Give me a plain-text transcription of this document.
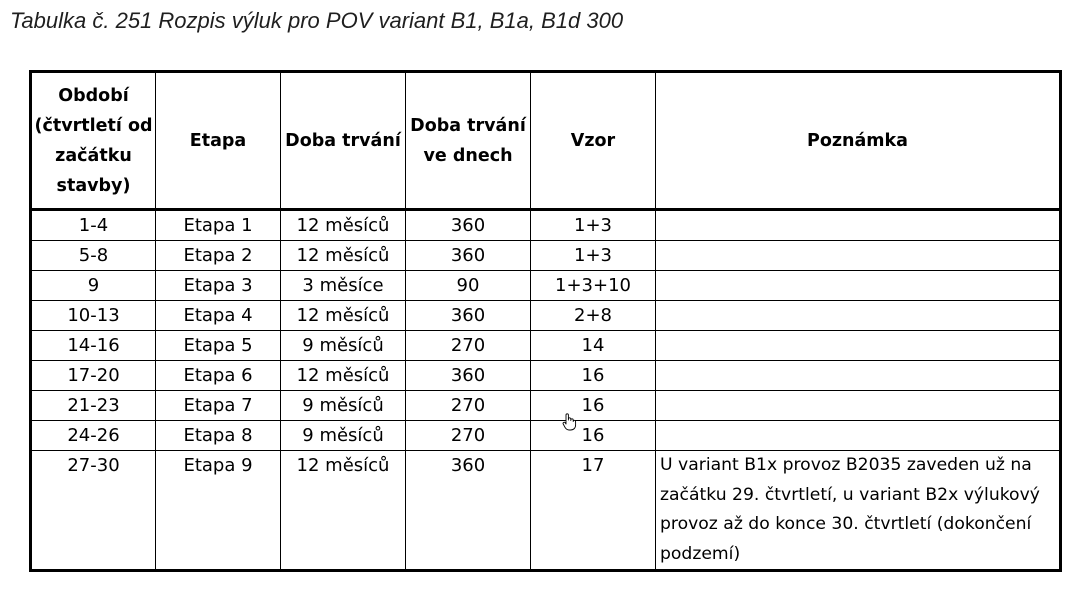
Tabulka č. 251 Rozpis výluk pro POV variant B1, B1a, B1d 300
Období (čtvrtletí od začátku stavby)	Etapa	Doba trvání	Doba trvání ve dnech	Vzor	Poznámka
1-4	Etapa 1	12 měsíců	360	1+3	
5-8	Etapa 2	12 měsíců	360	1+3	
9	Etapa 3	3 měsíce	90	1+3+10	
10-13	Etapa 4	12 měsíců	360	2+8	
14-16	Etapa 5	9 měsíců	270	14	
17-20	Etapa 6	12 měsíců	360	16	
21-23	Etapa 7	9 měsíců	270	16	
24-26	Etapa 8	9 měsíců	270	16	
27-30	Etapa 9	12 měsíců	360	17	U variant B1x provoz B2035 zaveden už na začátku 29. čtvrtletí, u variant B2x výlukový provoz až do konce 30. čtvrtletí (dokončení podzemí)
